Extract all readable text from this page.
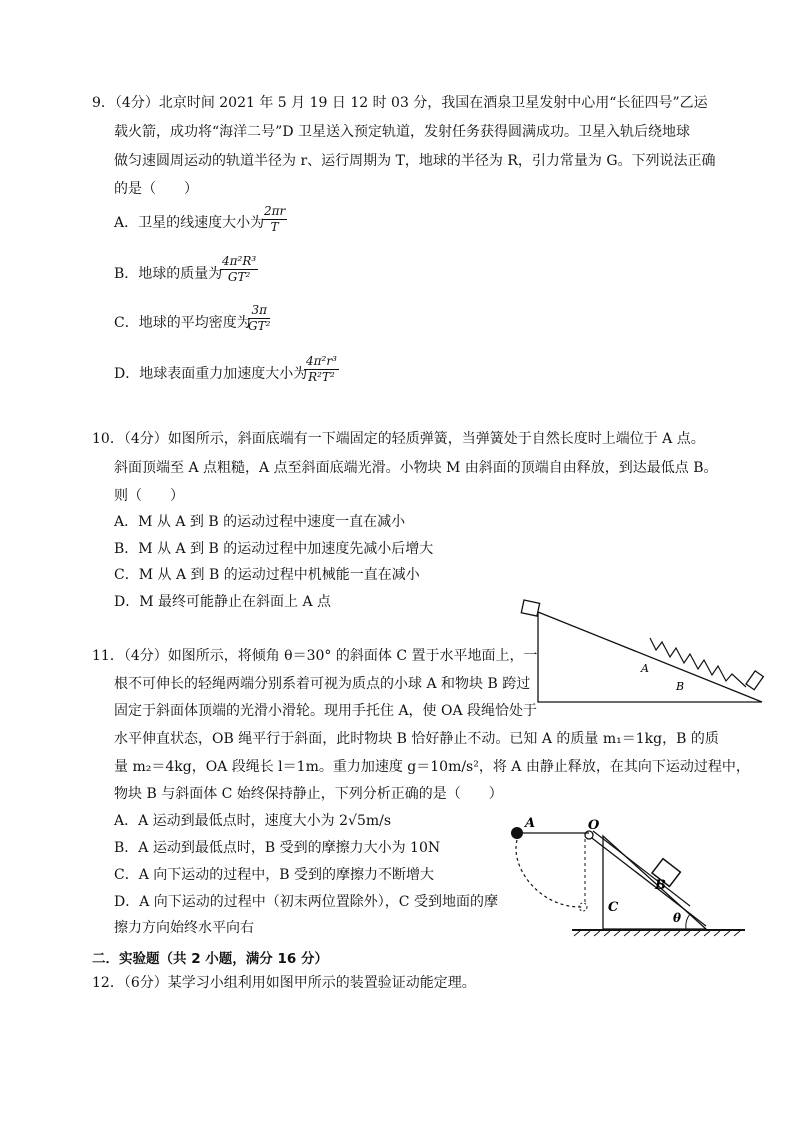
9．（4分）北京时间 2021 年 5 月 19 日 12 时 03 分，我国在酒泉卫星发射中心用“长征四号”乙运
载火箭，成功将“海洋二号”D 卫星送入预定轨道，发射任务获得圆满成功。卫星入轨后绕地球
做匀速圆周运动的轨道半径为 r、运行周期为 T，地球的半径为 R，引力常量为 G。下列说法正确
的是（　　）
A．卫星的线速度大小为
$\frac{2\pi r}{T}$
B．地球的质量为
$\frac{\text{4π²R³}}{\text{GT²}}$
C．地球的平均密度为
$\frac{3\pi}{\text{GT²}}$
D．地球表面重力加速度大小为
$\frac{\text{4π²r³}}{\text{R²T²}}$
10．（4分）如图所示，斜面底端有一下端固定的轻质弹簧，当弹簧处于自然长度时上端位于 A 点。
斜面顶端至 A 点粗糙，A 点至斜面底端光滑。小物块 M 由斜面的顶端自由释放，到达最低点 B。
则（　　）
A．M 从 A 到 B 的运动过程中速度一直在减小
B．M 从 A 到 B 的运动过程中加速度先减小后增大
C．M 从 A 到 B 的运动过程中机械能一直在减小
D．M 最终可能静止在斜面上 A 点
A
B
11．（4分）如图所示，将倾角 θ＝30° 的斜面体 C 置于水平地面上，一
根不可伸长的轻绳两端分别系着可视为质点的小球 A 和物块 B 跨过
固定于斜面体顶端的光滑小滑轮。现用手托住 A，使 OA 段绳恰处于
水平伸直状态，OB 绳平行于斜面，此时物块 B 恰好静止不动。已知 A 的质量 m₁＝1kg，B 的质
量 m₂＝4kg，OA 段绳长 l＝1m。重力加速度 g＝10m/s²，将 A 由静止释放，在其向下运动过程中，
物块 B 与斜面体 C 始终保持静止，下列分析正确的是（　　）
A．A 运动到最低点时，速度大小为 2√5m/s
B．A 运动到最低点时，B 受到的摩擦力大小为 10N
C．A 向下运动的过程中，B 受到的摩擦力不断增大
D．A 向下运动的过程中（初末两位置除外），C 受到地面的摩
擦力方向始终水平向右
A	O
B
C
θ
二．实验题（共 2 小题，满分 16 分）
12．（6分）某学习小组利用如图甲所示的装置验证动能定理。
